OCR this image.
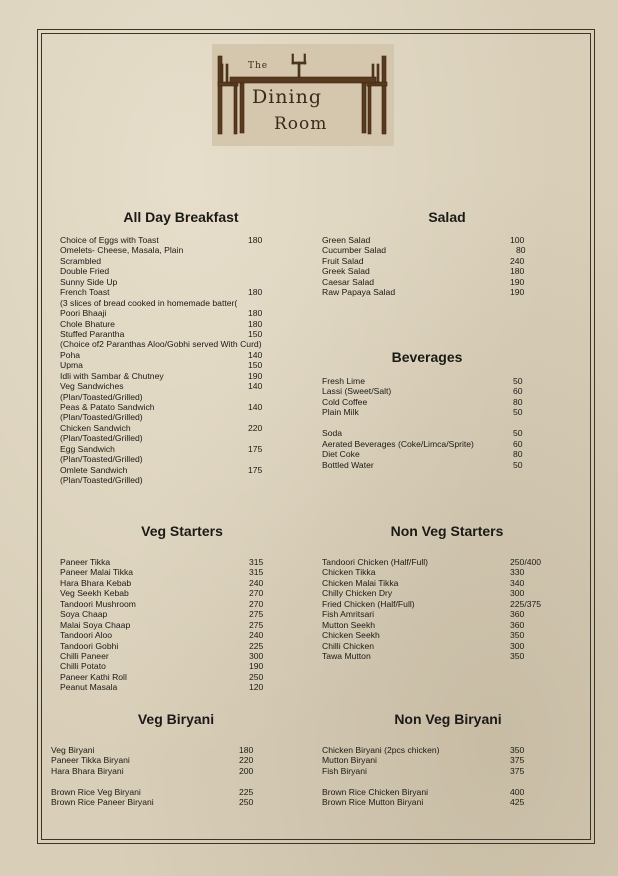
The
Dining
Room
All Day Breakfast	Salad
Beverages
Veg Starters	Non Veg Starters
Veg Biryani	Non Veg Biryani
Choice of Eggs with Toast	180
Omelets- Cheese, Masala, Plain
Scrambled
Double Fried
Sunny Side Up
French Toast	180
(3 slices of bread cooked in homemade batter(
Poori Bhaaji	180
Chole Bhature	180
Stuffed Parantha	150
(Choice of2 Paranthas Aloo/Gobhi served With Curd)
Poha	140
Upma	150
Idli with Sambar & Chutney	190
Veg Sandwiches	140
(Plan/Toasted/Grilled)
Peas & Patato Sandwich	140
(Plan/Toasted/Grilled)
Chicken Sandwich	220
(Plan/Toasted/Grilled)
Egg Sandwich	175
(Plan/Toasted/Grilled)
Omlete Sandwich	175
(Plan/Toasted/Grilled)
Green Salad	100
Cucumber Salad	80
Fruit Salad	240
Greek Salad	180
Caesar Salad	190
Raw Papaya Salad	190
Fresh Lime	50
Lassi (Sweet/Salt)	60
Cold Coffee	80
Plain Milk	50
Soda	50
Aerated Beverages (Coke/Limca/Sprite)	60
Diet Coke	80
Bottled Water	50
Paneer Tikka	315
Paneer Malai Tikka	315
Hara Bhara Kebab	240
Veg Seekh Kebab	270
Tandoori Mushroom	270
Soya Chaap	275
Malai Soya Chaap	275
Tandoori Aloo	240
Tandoori Gobhi	225
Chilli Paneer	300
Chilli Potato	190
Paneer Kathi Roll	250
Peanut Masala	120
Tandoori Chicken (Half/Full)	250/400
Chicken Tikka	330
Chicken Malai Tikka	340
Chilly Chicken Dry	300
Fried Chicken (Half/Full)	225/375
Fish Amritsari	360
Mutton Seekh	360
Chicken Seekh	350
Chilli Chicken	300
Tawa Mutton	350
Veg Biryani	180
Paneer Tikka Biryani	220
Hara Bhara Biryani	200
Brown Rice Veg Biryani	225
Brown Rice Paneer Biryani	250
Chicken Biryani (2pcs chicken)	350
Mutton Biryani	375
Fish Biryani	375
Brown Rice Chicken Biryani	400
Brown Rice Mutton Biryani	425
